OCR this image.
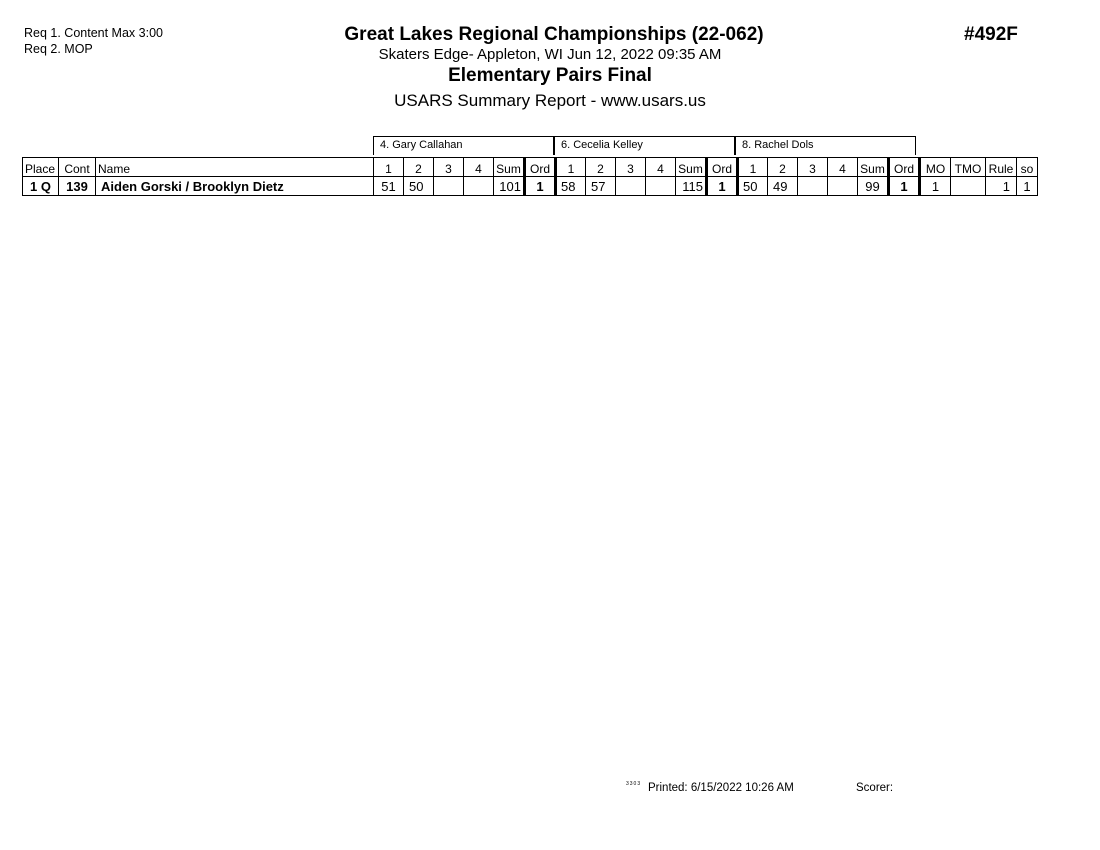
Req 1. Content Max 3:00
Req 2. MOP
Great Lakes Regional Championships (22-062)
Skaters Edge- Appleton, WI Jun 12, 2022 09:35 AM
Elementary Pairs Final
USARS Summary Report - www.usars.us
#492F
4. Gary Callahan	6. Cecelia Kelley	8. Rachel Dols
Place	Cont	Name	1	2	3	4	Sum	Ord	1	2	3	4	Sum	Ord	1	2	3	4	Sum	Ord	MO	TMO	Rule	so
1 Q	139	Aiden Gorski / Brooklyn Dietz	51	50			101	1	58	57			115	1	50	49			99	1	1		1	1
3303 Printed: 6/15/2022 10:26 AM	Scorer:
